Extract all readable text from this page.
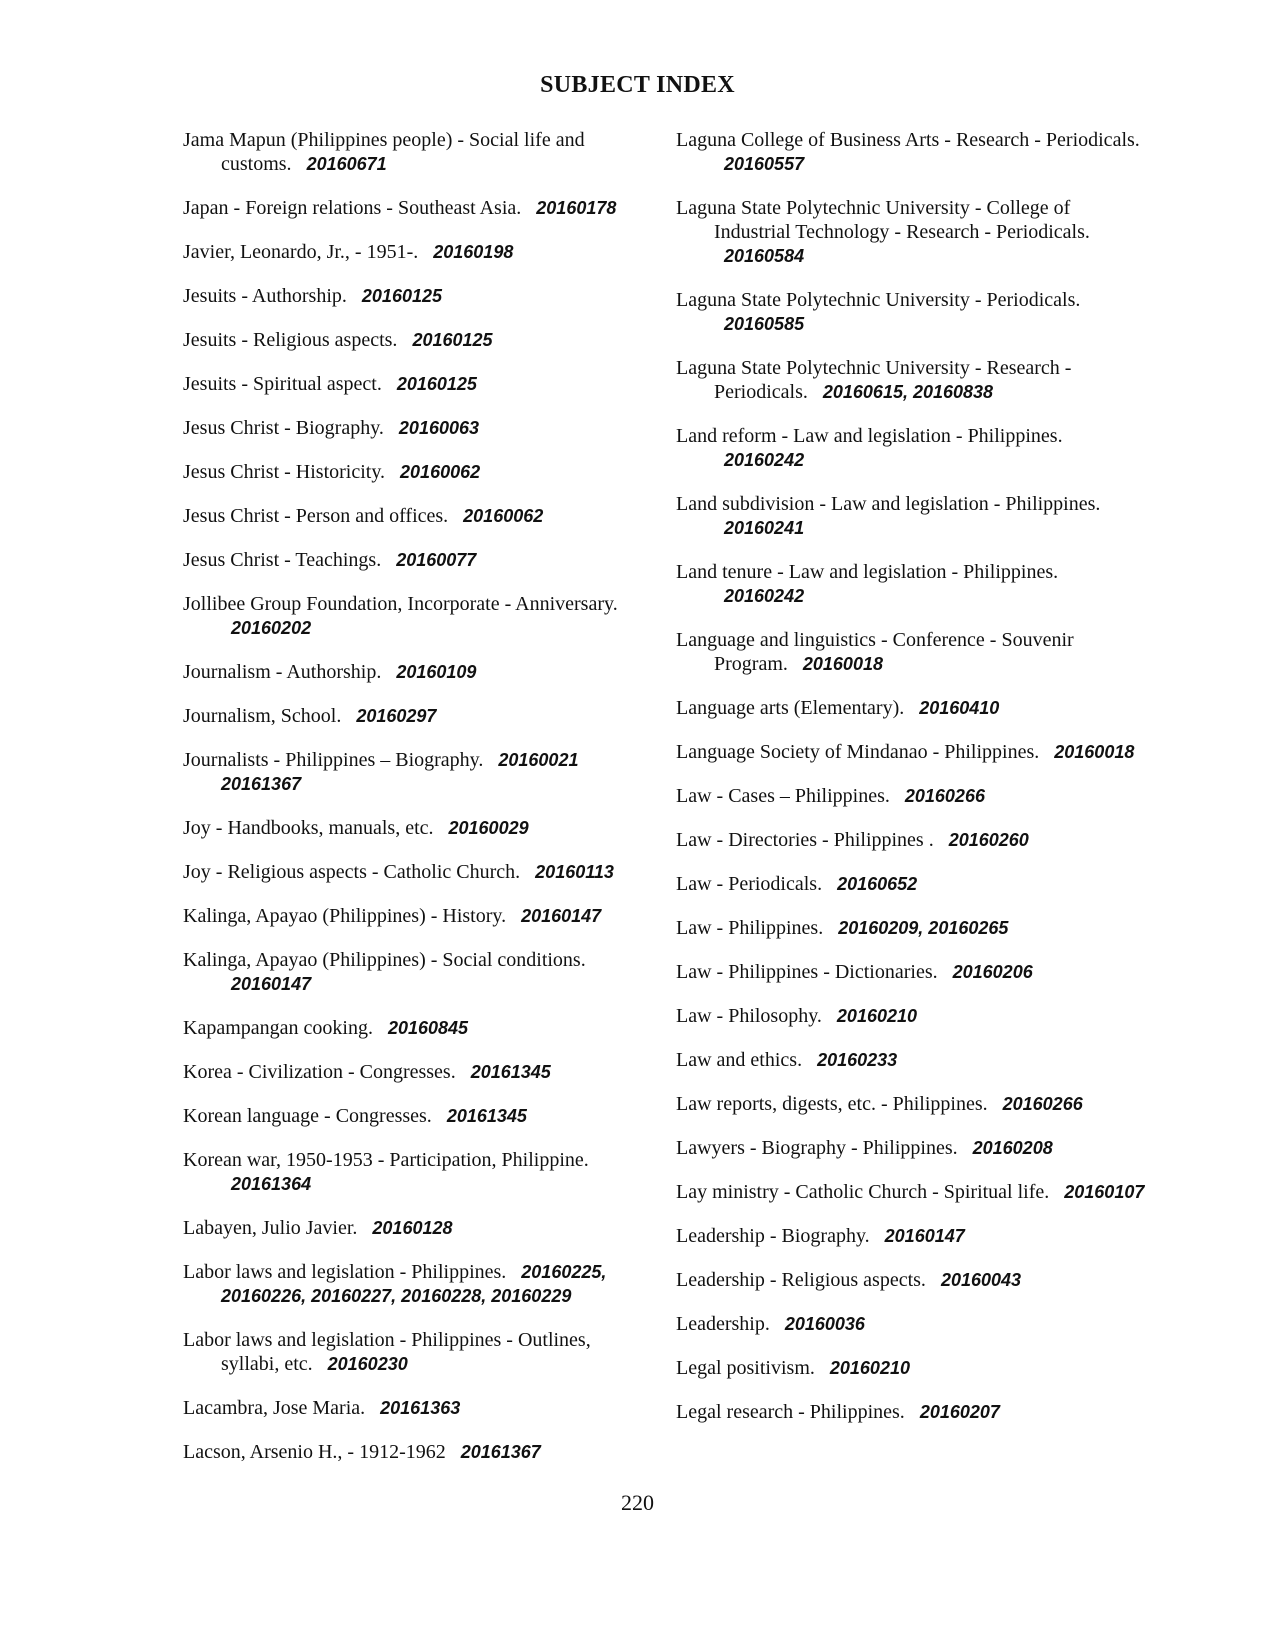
SUBJECT INDEX
Jama Mapun (Philippines people) - Social life and customs. 20160671
Japan - Foreign relations - Southeast Asia. 20160178
Javier, Leonardo, Jr., - 1951-. 20160198
Jesuits - Authorship. 20160125
Jesuits - Religious aspects. 20160125
Jesuits - Spiritual aspect. 20160125
Jesus Christ - Biography. 20160063
Jesus Christ - Historicity. 20160062
Jesus Christ - Person and offices. 20160062
Jesus Christ - Teachings. 20160077
Jollibee Group Foundation, Incorporate - Anniversary. 20160202
Journalism - Authorship. 20160109
Journalism, School. 20160297
Journalists - Philippines – Biography. 20160021 20161367
Joy - Handbooks, manuals, etc. 20160029
Joy - Religious aspects - Catholic Church. 20160113
Kalinga, Apayao (Philippines) - History. 20160147
Kalinga, Apayao (Philippines) - Social conditions. 20160147
Kapampangan cooking. 20160845
Korea - Civilization - Congresses. 20161345
Korean language - Congresses. 20161345
Korean war, 1950-1953 - Participation, Philippine. 20161364
Labayen, Julio Javier. 20160128
Labor laws and legislation - Philippines. 20160225, 20160226, 20160227, 20160228, 20160229
Labor laws and legislation - Philippines - Outlines, syllabi, etc. 20160230
Lacambra, Jose Maria. 20161363
Lacson, Arsenio H., - 1912-1962 20161367
Laguna College of Business Arts - Research - Periodicals. 20160557
Laguna State Polytechnic University - College of Industrial Technology - Research - Periodicals. 20160584
Laguna State Polytechnic University - Periodicals. 20160585
Laguna State Polytechnic University - Research - Periodicals. 20160615, 20160838
Land reform - Law and legislation - Philippines. 20160242
Land subdivision - Law and legislation - Philippines. 20160241
Land tenure - Law and legislation - Philippines. 20160242
Language and linguistics - Conference - Souvenir Program. 20160018
Language arts (Elementary). 20160410
Language Society of Mindanao - Philippines. 20160018
Law - Cases – Philippines. 20160266
Law - Directories - Philippines . 20160260
Law - Periodicals. 20160652
Law - Philippines. 20160209, 20160265
Law - Philippines - Dictionaries. 20160206
Law - Philosophy. 20160210
Law and ethics. 20160233
Law reports, digests, etc. - Philippines. 20160266
Lawyers - Biography - Philippines. 20160208
Lay ministry - Catholic Church - Spiritual life. 20160107
Leadership - Biography. 20160147
Leadership - Religious aspects. 20160043
Leadership. 20160036
Legal positivism. 20160210
Legal research - Philippines. 20160207
220
